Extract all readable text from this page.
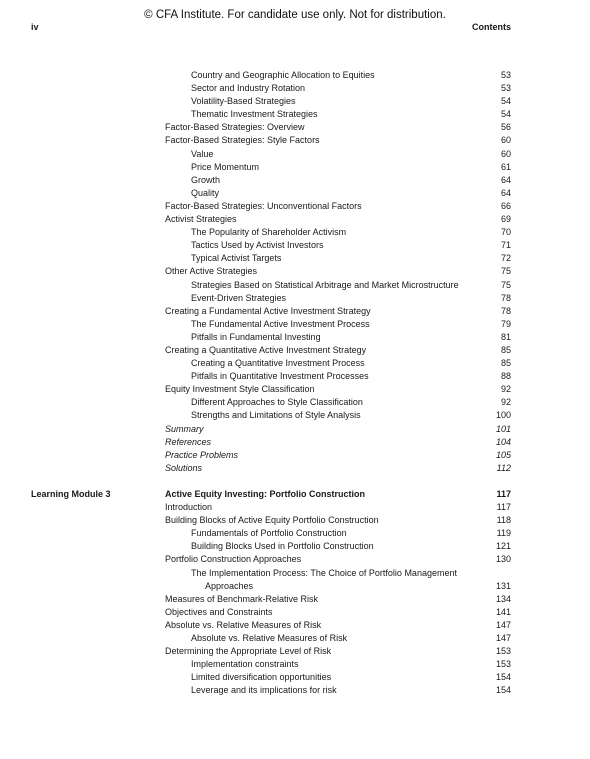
© CFA Institute. For candidate use only. Not for distribution.
iv	Contents
Country and Geographic Allocation to Equities	53
Sector and Industry Rotation	53
Volatility-Based Strategies	54
Thematic Investment Strategies	54
Factor-Based Strategies: Overview	56
Factor-Based Strategies: Style Factors	60
Value	60
Price Momentum	61
Growth	64
Quality	64
Factor-Based Strategies: Unconventional Factors	66
Activist Strategies	69
The Popularity of Shareholder Activism	70
Tactics Used by Activist Investors	71
Typical Activist Targets	72
Other Active Strategies	75
Strategies Based on Statistical Arbitrage and Market Microstructure	75
Event-Driven Strategies	78
Creating a Fundamental Active Investment Strategy	78
The Fundamental Active Investment Process	79
Pitfalls in Fundamental Investing	81
Creating a Quantitative Active Investment Strategy	85
Creating a Quantitative Investment Process	85
Pitfalls in Quantitative Investment Processes	88
Equity Investment Style Classification	92
Different Approaches to Style Classification	92
Strengths and Limitations of Style Analysis	100
Summary	101
References	104
Practice Problems	105
Solutions	112
Learning Module 3	Active Equity Investing: Portfolio Construction	117
Introduction	117
Building Blocks of Active Equity Portfolio Construction	118
Fundamentals of Portfolio Construction	119
Building Blocks Used in Portfolio Construction	121
Portfolio Construction Approaches	130
The Implementation Process: The Choice of Portfolio Management
Approaches	131
Measures of Benchmark-Relative Risk	134
Objectives and Constraints	141
Absolute vs. Relative Measures of Risk	147
Absolute vs. Relative Measures of Risk	147
Determining the Appropriate Level of Risk	153
Implementation constraints	153
Limited diversification opportunities	154
Leverage and its implications for risk	154
